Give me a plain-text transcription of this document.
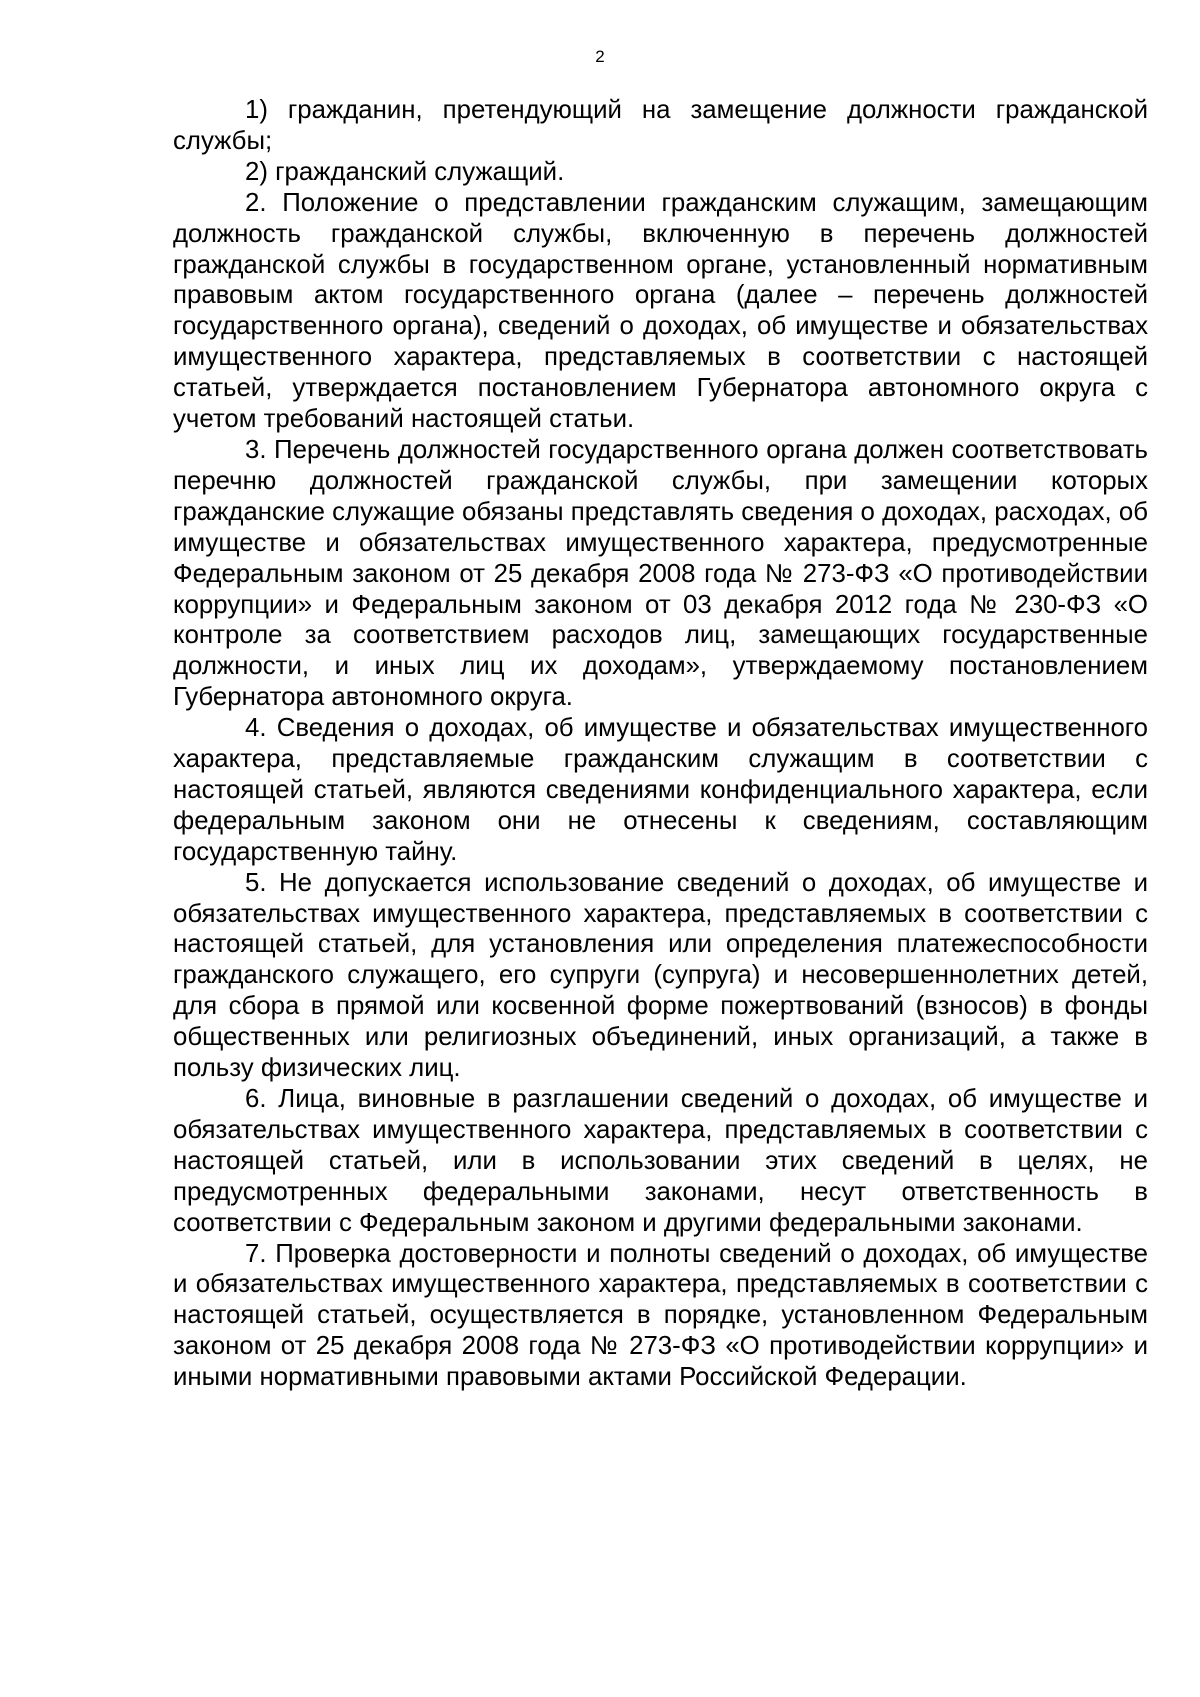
2

1) гражданин, претендующий на замещение должности гражданской службы;

2) гражданский служащий.

2. Положение о представлении гражданским служащим, замещающим должность гражданской службы, включенную в перечень должностей гражданской службы в государственном органе, установленный нормативным правовым актом государственного органа (далее – перечень должностей государственного органа), сведений о доходах, об имуществе и обязательствах имущественного характера, представляемых в соответствии с настоящей статьей, утверждается постановлением Губернатора автономного округа с учетом требований настоящей статьи.

3. Перечень должностей государственного органа должен соответствовать перечню должностей гражданской службы, при замещении которых гражданские служащие обязаны представлять сведения о доходах, расходах, об имуществе и обязательствах имущественного характера, предусмотренные Федеральным законом от 25 декабря 2008 года № 273-ФЗ «О противодействии коррупции» и Федеральным законом от 03 декабря 2012 года № 230-ФЗ «О контроле за соответствием расходов лиц, замещающих государственные должности, и иных лиц их доходам», утверждаемому постановлением Губернатора автономного округа.

4. Сведения о доходах, об имуществе и обязательствах имущественного характера, представляемые гражданским служащим в соответствии с настоящей статьей, являются сведениями конфиденциального характера, если федеральным законом они не отнесены к сведениям, составляющим государственную тайну.

5. Не допускается использование сведений о доходах, об имуществе и обязательствах имущественного характера, представляемых в соответствии с настоящей статьей, для установления или определения платежеспособности гражданского служащего, его супруги (супруга) и несовершеннолетних детей, для сбора в прямой или косвенной форме пожертвований (взносов) в фонды общественных или религиозных объединений, иных организаций, а также в пользу физических лиц.

6. Лица, виновные в разглашении сведений о доходах, об имуществе и обязательствах имущественного характера, представляемых в соответствии с настоящей статьей, или в использовании этих сведений в целях, не предусмотренных федеральными законами, несут ответственность в соответствии с Федеральным законом и другими федеральными законами.

7. Проверка достоверности и полноты сведений о доходах, об имуществе и обязательствах имущественного характера, представляемых в соответствии с настоящей статьей, осуществляется в порядке, установленном Федеральным законом от 25 декабря 2008 года № 273-ФЗ «О противодействии коррупции» и иными нормативными правовыми актами Российской Федерации.
